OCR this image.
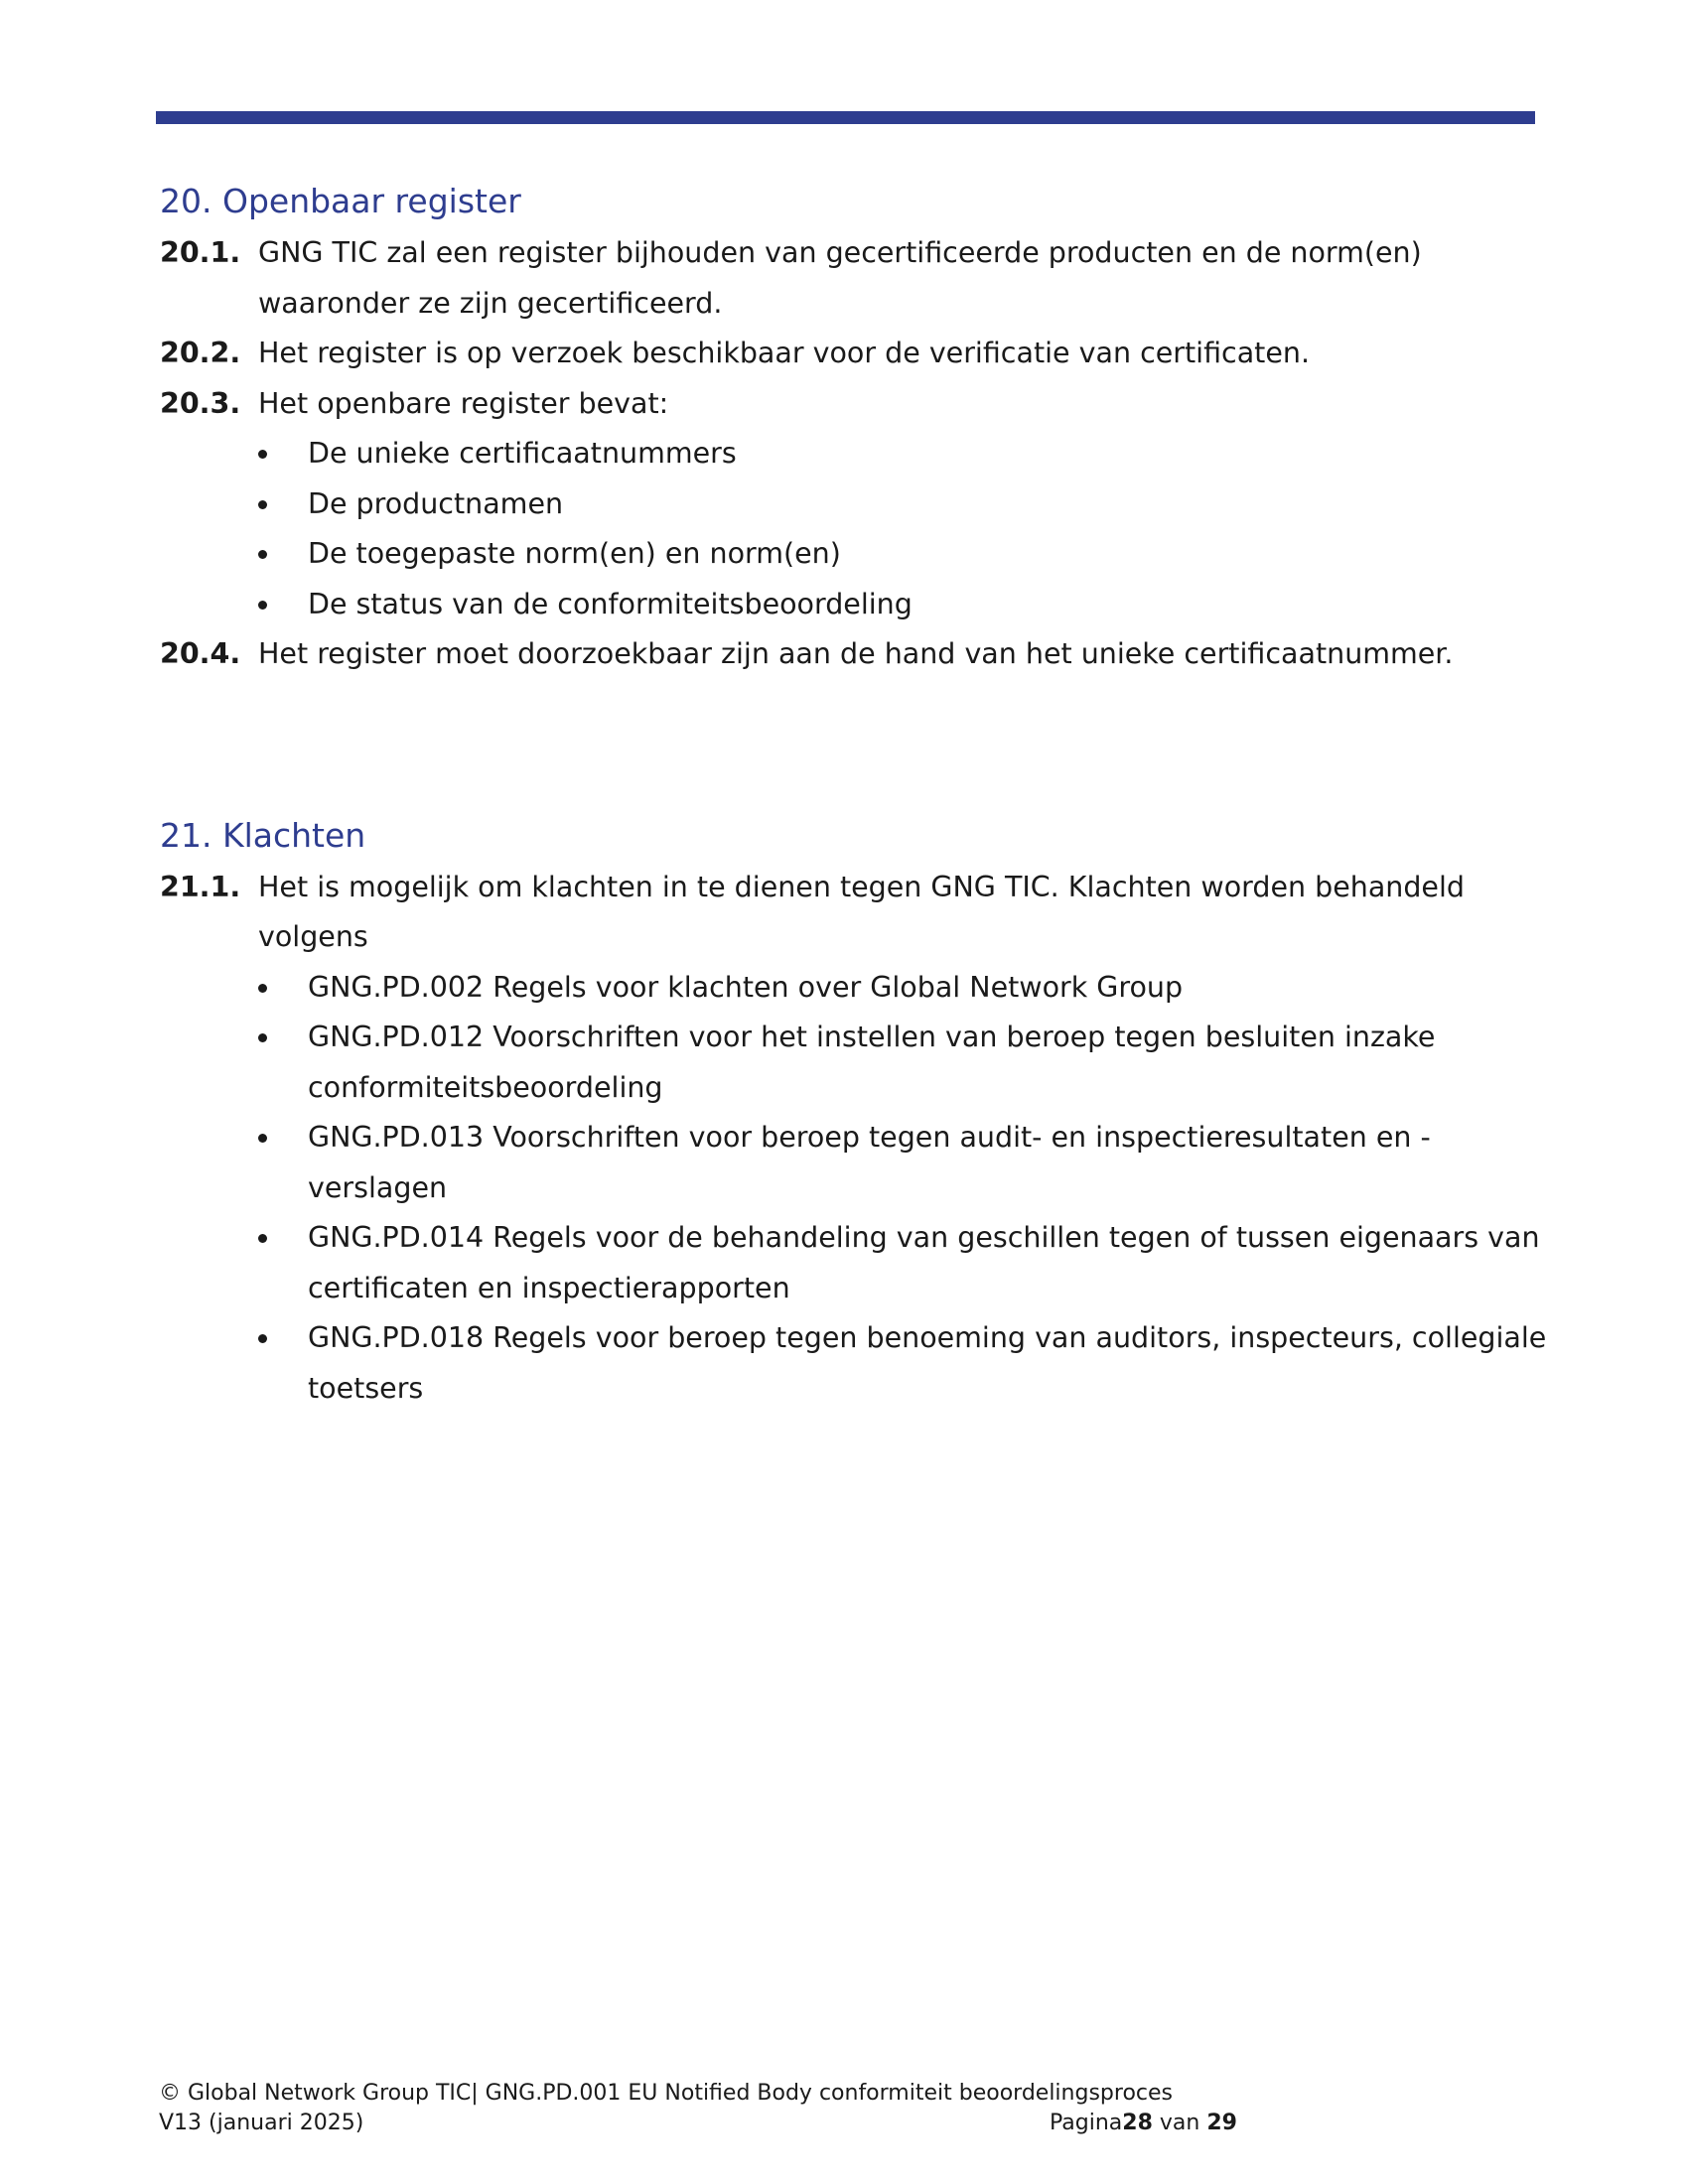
20. Openbaar register
20.1. GNG TIC zal een register bijhouden van gecertificeerde producten en de norm(en) waaronder ze zijn gecertificeerd.
20.2. Het register is op verzoek beschikbaar voor de verificatie van certificaten.
20.3. Het openbare register bevat:
De unieke certificaatnummers
De productnamen
De toegepaste norm(en) en norm(en)
De status van de conformiteitsbeoordeling
20.4. Het register moet doorzoekbaar zijn aan de hand van het unieke certificaatnummer.
21. Klachten
21.1. Het is mogelijk om klachten in te dienen tegen GNG TIC. Klachten worden behandeld volgens
GNG.PD.002 Regels voor klachten over Global Network Group
GNG.PD.012 Voorschriften voor het instellen van beroep tegen besluiten inzake conformiteitsbeoordeling
GNG.PD.013 Voorschriften voor beroep tegen audit- en inspectieresultaten en -verslagen
GNG.PD.014 Regels voor de behandeling van geschillen tegen of tussen eigenaars van certificaten en inspectierapporten
GNG.PD.018 Regels voor beroep tegen benoeming van auditors, inspecteurs, collegiale toetsers
© Global Network Group TIC| GNG.PD.001 EU Notified Body conformiteit beoordelingsproces
V13 (januari 2025)	Pagina28 van 29
